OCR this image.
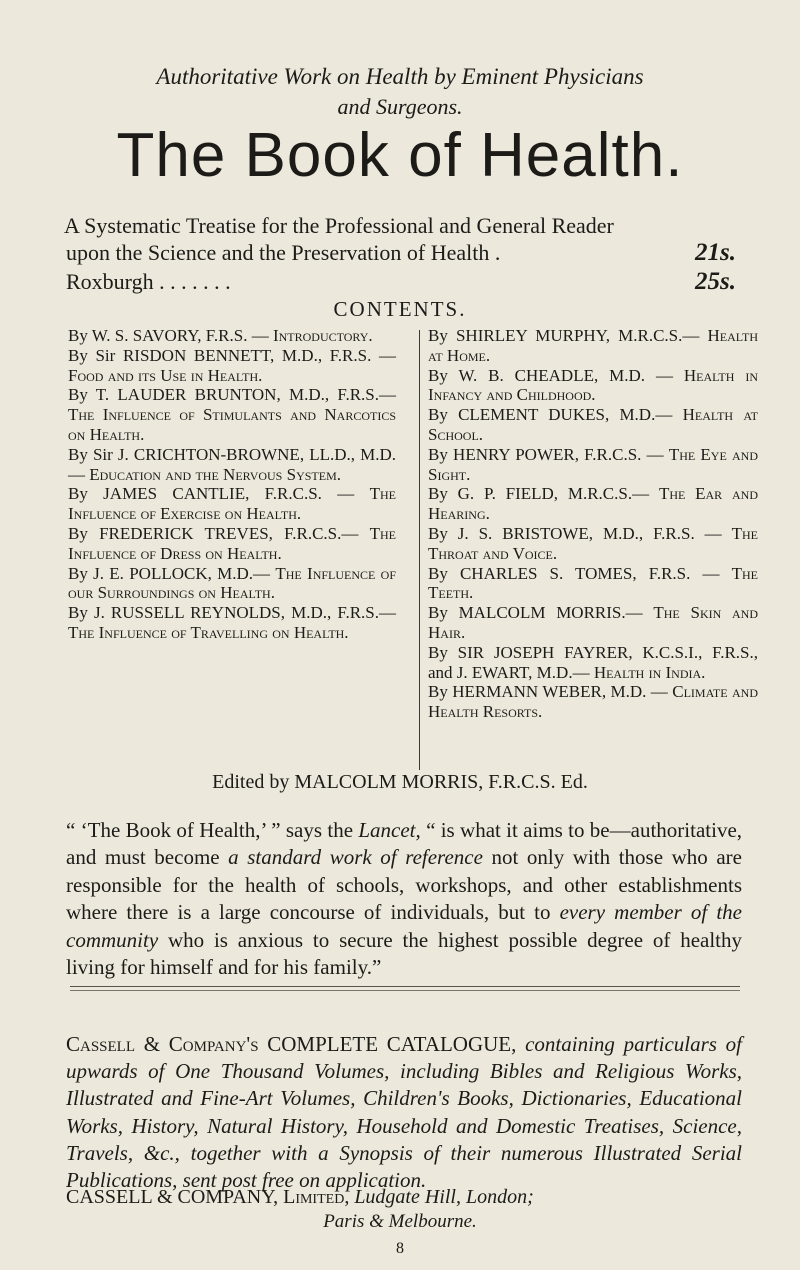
Authoritative Work on Health by Eminent Physicians

and Surgeons.

The Book of Health.
A Systematic Treatise for the Professional and General Reader
upon the Science and the Preservation of Health .	21s.
Roxburgh . . . . . . .	25s.
CONTENTS.

By W. S. SAVORY, F.R.S. — Introductory.

By Sir RISDON BENNETT, M.D., F.R.S. — Food and its Use in Health.

By T. LAUDER BRUNTON, M.D., F.R.S.— The Influence of Stimulants and Narcotics on Health.

By Sir J. CRICHTON-BROWNE, LL.D., M.D.— Education and the Nervous System.

By JAMES CANTLIE, F.R.C.S. — The Influence of Exercise on Health.

By FREDERICK TREVES, F.R.C.S.— The Influence of Dress on Health.

By J. E. POLLOCK, M.D.— The Influence of our Surroundings on Health.

By J. RUSSELL REYNOLDS, M.D., F.R.S.— The Influence of Travelling on Health.

By SHIRLEY MURPHY, M.R.C.S.— Health at Home.

By W. B. CHEADLE, M.D. — Health in Infancy and Childhood.

By CLEMENT DUKES, M.D.— Health at School.

By HENRY POWER, F.R.C.S. — The Eye and Sight.

By G. P. FIELD, M.R.C.S.— The Ear and Hearing.

By J. S. BRISTOWE, M.D., F.R.S. — The Throat and Voice.

By CHARLES S. TOMES, F.R.S. — The Teeth.

By MALCOLM MORRIS.— The Skin and Hair.

By SIR JOSEPH FAYRER, K.C.S.I., F.R.S., and J. EWART, M.D.— Health in India.

By HERMANN WEBER, M.D. — Climate and Health Resorts.

Edited by MALCOLM MORRIS, F.R.C.S. Ed.

“ ‘The Book of Health,’ ” says the Lancet, “ is what it aims to be—authoritative, and must become a standard work of reference not only with those who are responsible for the health of schools, workshops, and other establishments where there is a large concourse of individuals, but to every member of the community who is anxious to secure the highest possible degree of healthy living for himself and for his family.”

Cassell & Company's COMPLETE CATALOGUE, containing particulars of upwards of One Thousand Volumes, including Bibles and Religious Works, Illustrated and Fine-Art Volumes, Children's Books, Dictionaries, Educational Works, History, Natural History, Household and Domestic Treatises, Science, Travels, &c., together with a Synopsis of their numerous Illustrated Serial Publications, sent post free on application.

CASSELL & COMPANY, Limited, Ludgate Hill, London;
Paris & Melbourne.
8
